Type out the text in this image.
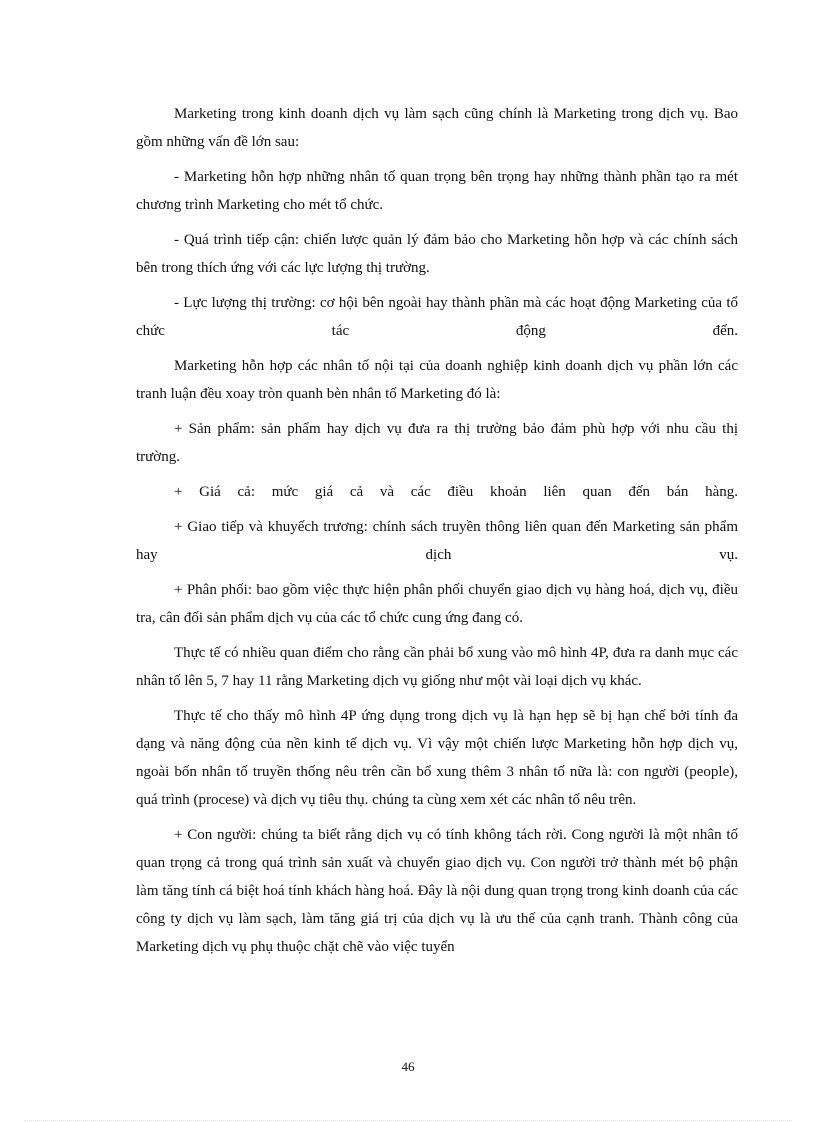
Marketing trong kinh doanh dịch vụ làm sạch cũng chính là Marketing trong dịch vụ. Bao gồm những vấn đề lớn sau:

- Marketing hỗn hợp những nhân tố quan trọng bên trọng hay những thành phần tạo ra mét chương trình Marketing cho mét tổ chức.

- Quá trình tiếp cận: chiến lược quản lý đảm bảo cho Marketing hỗn hợp và các chính sách bên trong thích ứng với các lực lượng thị trường.

- Lực lượng thị trường: cơ hội bên ngoài hay thành phần mà các hoạt động Marketing của tổ chức tác động đến.

Marketing hỗn hợp các nhân tố nội tại của doanh nghiệp kinh doanh dịch vụ phần lớn các tranh luận đều xoay tròn quanh bèn nhân tố Marketing đó là:

+ Sản phẩm: sản phẩm hay dịch vụ đưa ra thị trường bảo đảm phù hợp với nhu cầu thị trường.

+ Giá cả: mức giá cả và các điều khoản liên quan đến bán hàng.

+ Giao tiếp và khuyếch trương: chính sách truyền thông liên quan đến Marketing sản phẩm hay dịch vụ.

+ Phân phối: bao gồm việc thực hiện phân phối chuyển giao dịch vụ hàng hoá, dịch vụ, điều tra, cân đối sản phẩm dịch vụ của các tổ chức cung ứng đang có.

Thực tế có nhiều quan điểm cho rằng cần phải bổ xung vào mô hình 4P, đưa ra danh mục các nhân tố lên 5, 7 hay 11 rằng Marketing dịch vụ giống như một vài loại dịch vụ khác.

Thực tế cho thấy mô hình 4P ứng dụng trong dịch vụ là hạn hẹp sẽ bị hạn chế bởi tính đa dạng và năng động của nền kinh tế dịch vụ. Vì vậy một chiến lược Marketing hỗn hợp dịch vụ, ngoài bốn nhân tố truyền thống nêu trên cần bổ xung thêm 3 nhân tố nữa là: con người (people), quá trình (procese) và dịch vụ tiêu thụ. chúng ta cùng xem xét các nhân tố nêu trên.

+ Con người: chúng ta biết rằng dịch vụ có tính không tách rời. Cong người là một nhân tố quan trọng cả trong quá trình sản xuất và chuyển giao dịch vụ. Con người trở thành mét bộ phận làm tăng tính cá biệt hoá tính khách hàng hoá. Đây là nội dung quan trọng trong kinh doanh của các công ty dịch vụ làm sạch, làm tăng giá trị của dịch vụ là ưu thế của cạnh tranh. Thành công của Marketing dịch vụ phụ thuộc chặt chẽ vào việc tuyển

46
